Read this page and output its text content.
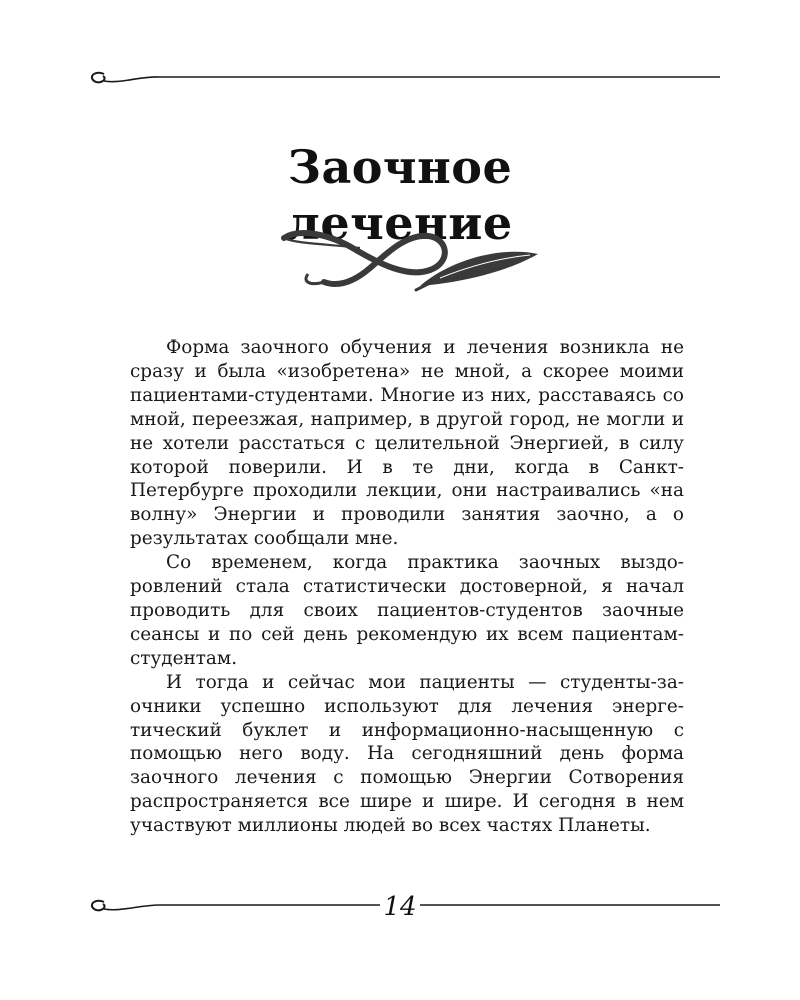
Заочное
лечение

Форма заочного обучения и лечения возникла не сразу и была «изобретена» не мной, а скорее моими пациентами-студентами. Многие из них, расставаясь со мной, переезжая, например, в другой город, не могли и не хотели расстаться с целительной Энергией, в силу которой поверили. И в те дни, когда в Санкт-Петербурге проходили лекции, они настраивались «на волну» Энергии и проводили занятия заочно, а о результатах сообщали мне.

Со временем, когда практика заочных выздоровлений стала статистически достоверной, я начал проводить для своих пациентов-студентов заочные сеансы и по сей день рекомендую их всем пациентам-студентам.

И тогда и сейчас мои пациенты — студенты-заочники успешно используют для лечения энергетический буклет и информационно-насыщенную с помощью него воду. На сегодняшний день форма заочного лечения с помощью Энергии Сотворения распространяется все шире и шире. И сегодня в нем участвуют миллионы людей во всех частях Планеты.

14
